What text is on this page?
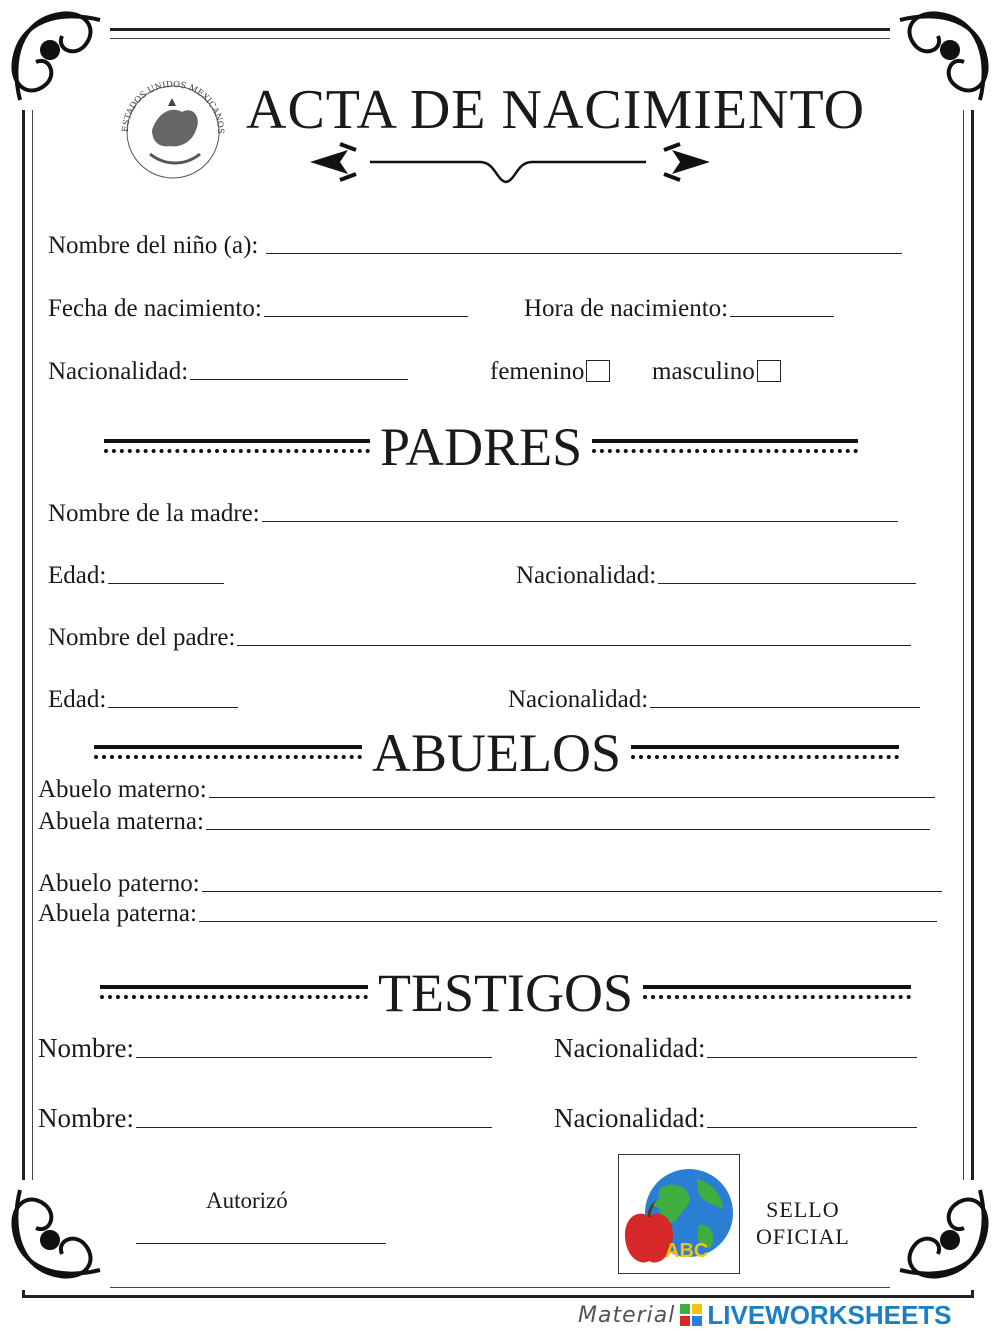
ESTADOS UNIDOS MEXICANOS ACTA DE NACIMIENTO
Nombre del niño (a):
Fecha de nacimiento:	Hora de nacimiento:
Nacionalidad:	femenino	masculino
PADRES
Nombre de la madre:
Edad:	Nacionalidad:
Nombre del padre:
Edad:	Nacionalidad:
ABUELOS
Abuelo materno:
Abuela materna:
Abuelo paterno:
Abuela paterna:
TESTIGOS
Nombre:	Nacionalidad:
Nombre:	Nacionalidad:
Autorizó
ABC
SELLO
OFICIAL
Material LIVEWORKSHEETS
